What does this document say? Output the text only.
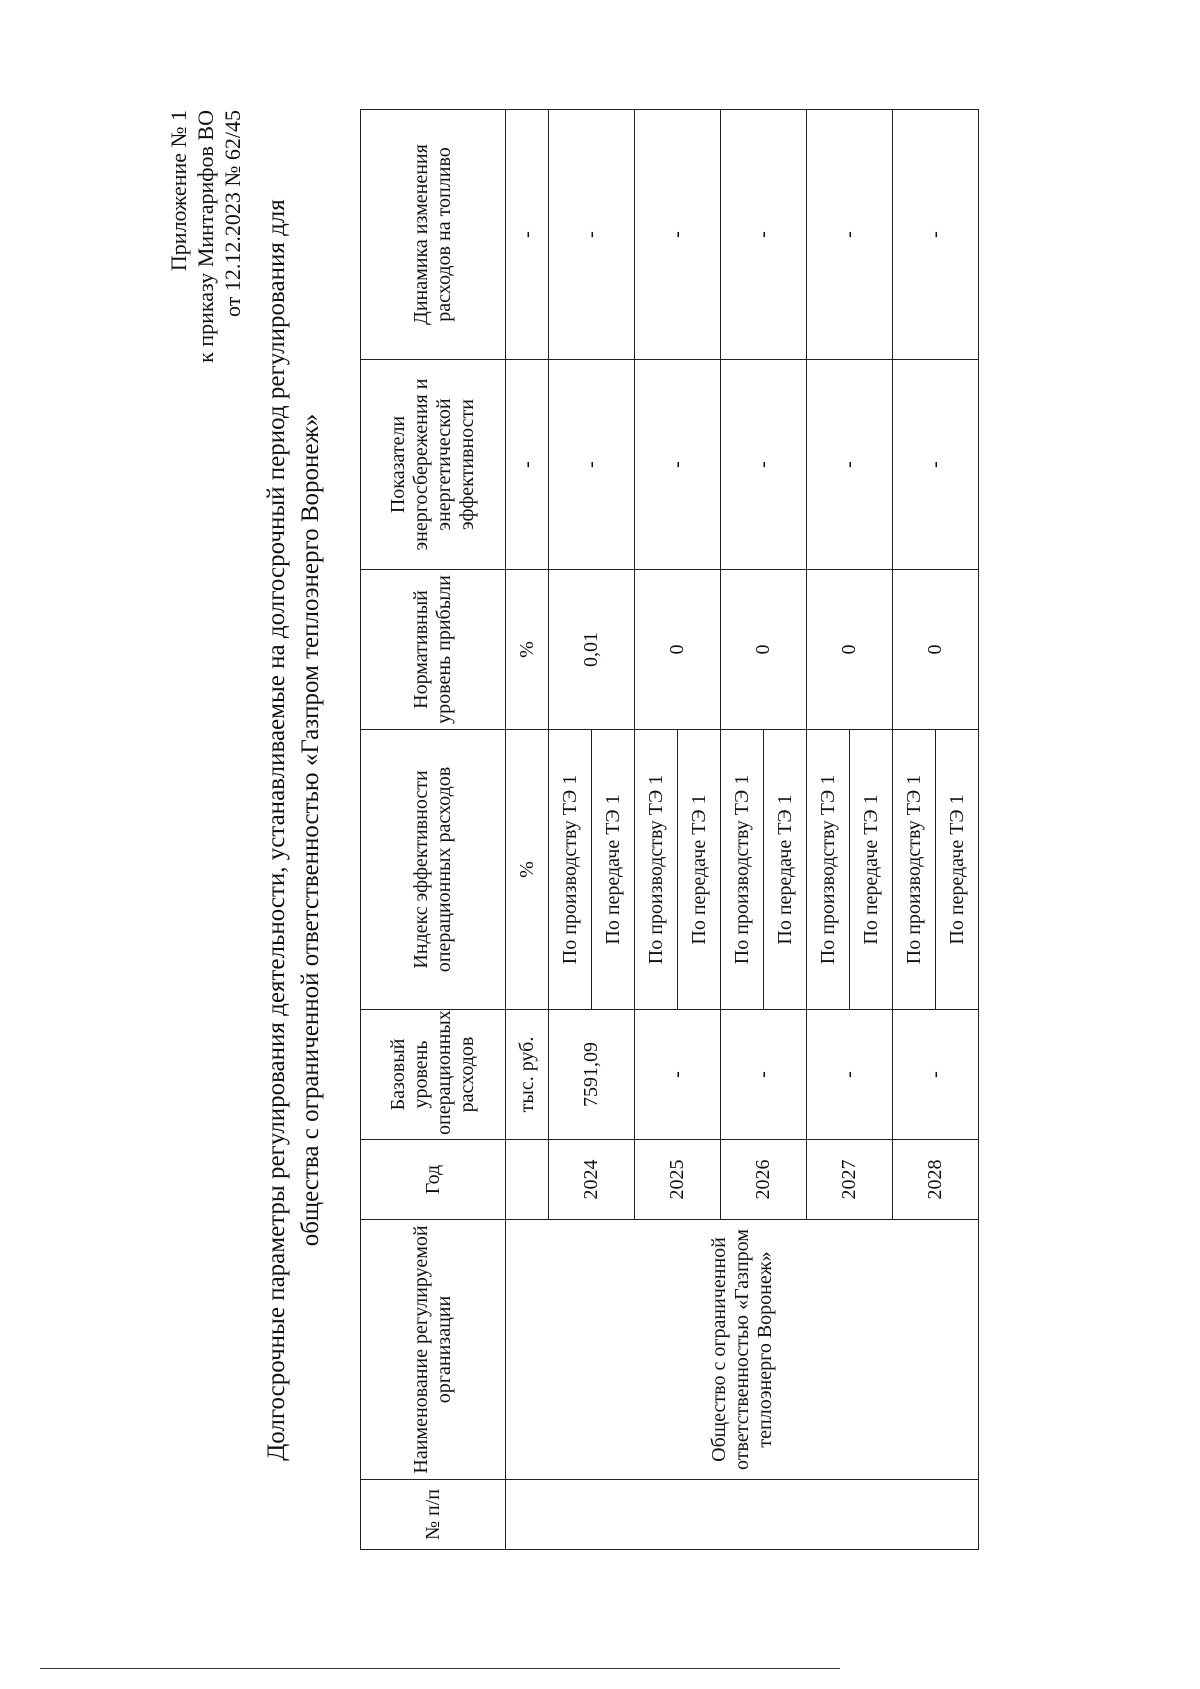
Приложение № 1 к приказу Минтарифов ВО от 12.12.2023 № 62/45 Долгосрочные параметры регулирования деятельности, устанавливаемые на долгосрочный период регулирования для общества с ограниченной ответственностью «Газпром теплоэнерго Воронеж»
№ п/п	Наименование регулируемой организации	Год	Базовый уровень операционных расходов	Индекс эффективности операционных расходов	Нормативный уровень прибыли	Показатели энергосбережения и энергетической эффективности	Динамика изменения расходов на топливо
	Общество с ограниченной ответственностью «Газпром теплоэнерго Воронеж»		тыс. руб.	%	%	-	-
		2024	7591,09	По производству ТЭ 1	0,01	-	-
				По передаче ТЭ 1			
		2025	-	По производству ТЭ 1	0	-	-
				По передаче ТЭ 1			
		2026	-	По производству ТЭ 1	0	-	-
				По передаче ТЭ 1			
		2027	-	По производству ТЭ 1	0	-	-
				По передаче ТЭ 1			
		2028	-	По производству ТЭ 1	0	-	-
				По передаче ТЭ 1			
